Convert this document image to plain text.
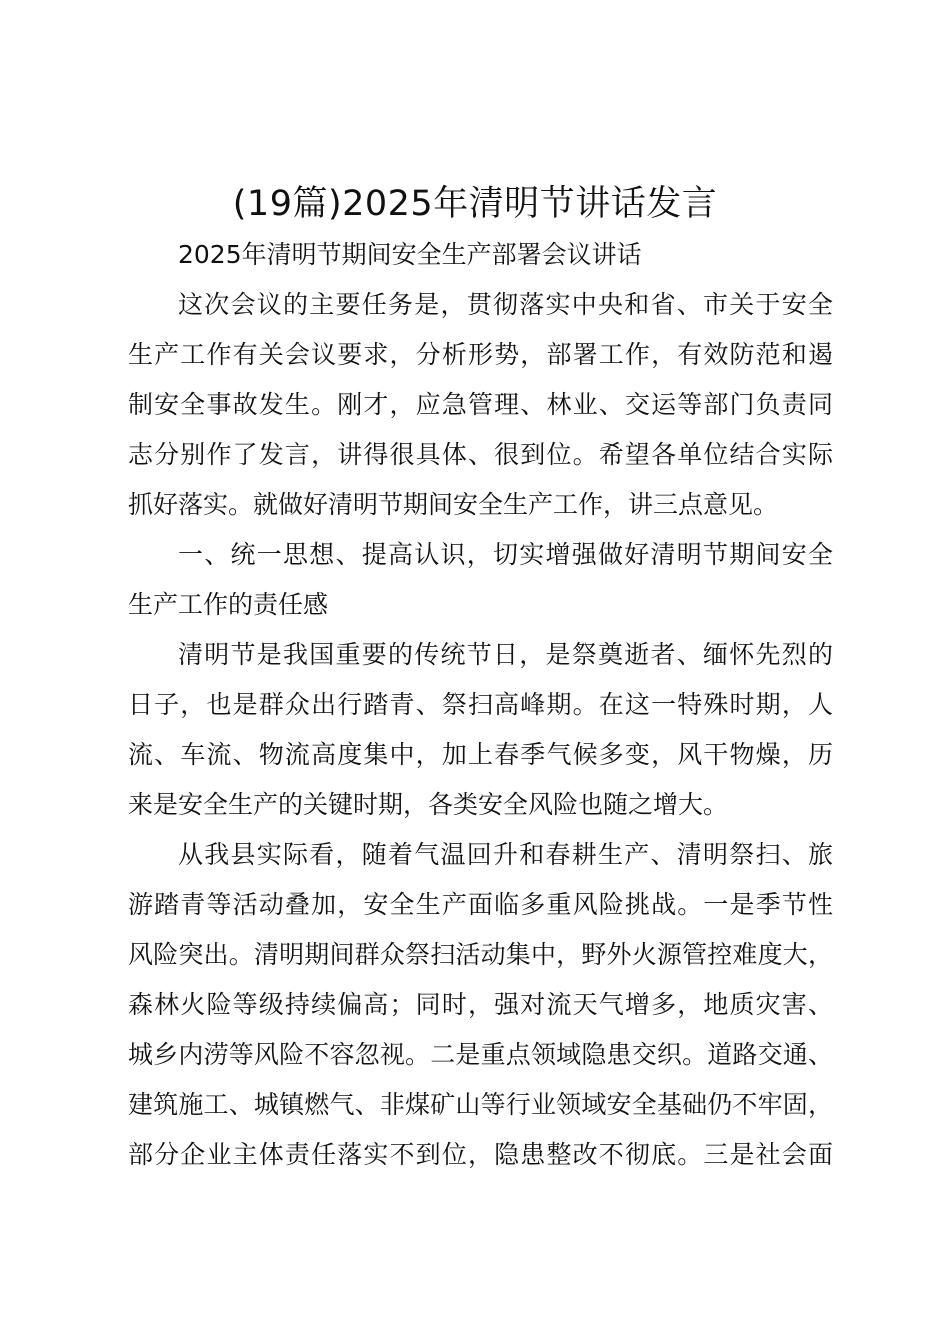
(19篇)2025年清明节讲话发言
2025年清明节期间安全生产部署会议讲话
这次会议的主要任务是，贯彻落实中央和省、市关于安全
生产工作有关会议要求，分析形势，部署工作，有效防范和遏
制安全事故发生。刚才，应急管理、林业、交运等部门负责同
志分别作了发言，讲得很具体、很到位。希望各单位结合实际
抓好落实。就做好清明节期间安全生产工作，讲三点意见。
一、统一思想、提高认识，切实增强做好清明节期间安全
生产工作的责任感
清明节是我国重要的传统节日，是祭奠逝者、缅怀先烈的
日子，也是群众出行踏青、祭扫高峰期。在这一特殊时期，人
流、车流、物流高度集中，加上春季气候多变，风干物燥，历
来是安全生产的关键时期，各类安全风险也随之增大。
从我县实际看，随着气温回升和春耕生产、清明祭扫、旅
游踏青等活动叠加，安全生产面临多重风险挑战。一是季节性
风险突出。清明期间群众祭扫活动集中，野外火源管控难度大，
森林火险等级持续偏高；同时，强对流天气增多，地质灾害、
城乡内涝等风险不容忽视。二是重点领域隐患交织。道路交通、
建筑施工、城镇燃气、非煤矿山等行业领域安全基础仍不牢固，
部分企业主体责任落实不到位，隐患整改不彻底。三是社会面
